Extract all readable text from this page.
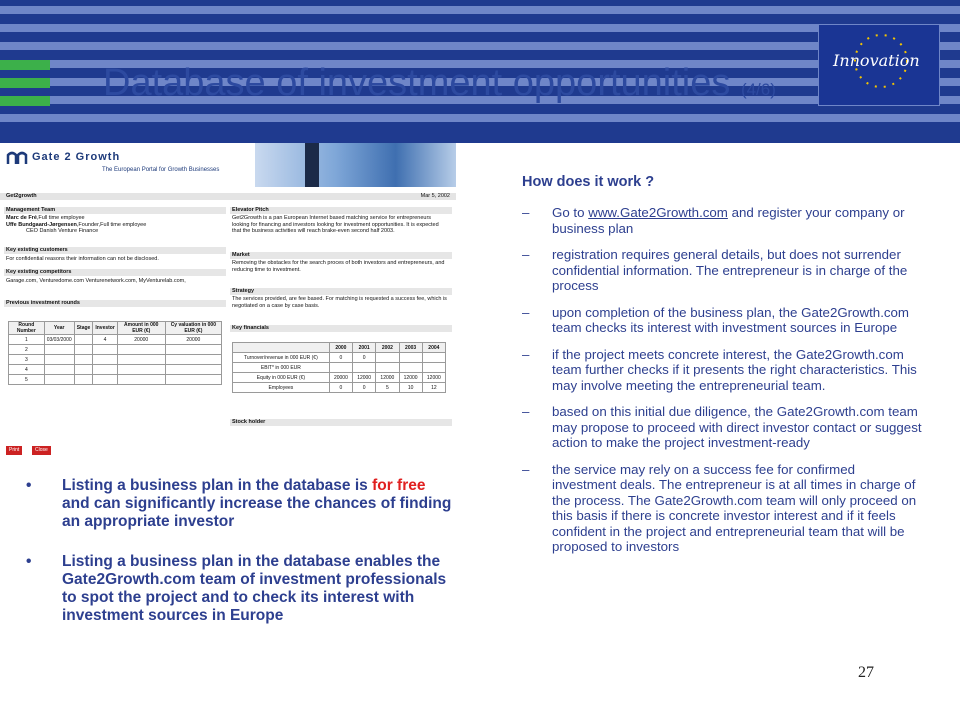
Database of investment opportunities (4/6)
Innovation
Gate 2 Growth
The European Portal for Growth Businesses
Get2growth	Mar 5, 2002
Management Team
Marc de Fré,Full time employee
Uffe Bundgaard-Jørgensen,Founder,Full time employee
CEO Danish Venture Finance
Key existing customers
For confidential reasons their information can not be disclosed.
Key existing competitors
Garage.com, Venturedome.com Venturenetwork.com, MyVenturelab.com,
Previous investment rounds
Round Number	Year	Stage	Investor	Amount in 000 EUR (€)	Cy valuation in 000 EUR (€)
1	03/03/2000		4	20000	20000
2					
3					
4					
5					
Elevator Pitch
Get2Growth is a pan European Internet based matching service for entrepreneurs looking for financing and investors looking for investment opportunities. It is expected that the business activities will reach brake-even second half 2003.
Market
Removing the obstacles for the search proces of both investors and entrepreneurs, and reducing time to investment.
Strategy
The services provided, are fee based. For matching is requested a success fee, which is negotiated on a case by case basis.
Key financials
	2000	2001	2002	2003	2004
Turnover/revenue in 000 EUR (€)	0	0			
EBIT* in 000 EUR					
Equity in 000 EUR (€)	20000	12000	12000	12000	12000
Employees	0	0	5	10	12
Stock holder
Print	Close
• Listing a business plan in the database is for free and can significantly increase the chances of finding an appropriate investor
• Listing a business plan in the database enables the Gate2Growth.com team of investment professionals to spot the project and to check its interest with investment sources in Europe
How does it work ?
– Go to www.Gate2Growth.com and register your company or business plan
– registration requires general details, but does not surrender confidential information. The entrepreneur is in charge of the process
– upon completion of the business plan, the Gate2Growth.com team checks its interest with investment sources in Europe
– if the project meets concrete interest, the Gate2Growth.com team further checks if it presents the right characteristics. This may involve meeting the entrepreneurial team.
– based on this initial due diligence, the Gate2Growth.com team may propose to proceed with direct investor contact or suggest action to make the project investment-ready
– the service may rely on a success fee for confirmed investment deals. The entrepreneur is at all times in charge of the process. The Gate2Growth.com team will only proceed on this basis if there is concrete investor interest and if it feels confident in the project and entrepreneurial team that will be proposed to investors
27
